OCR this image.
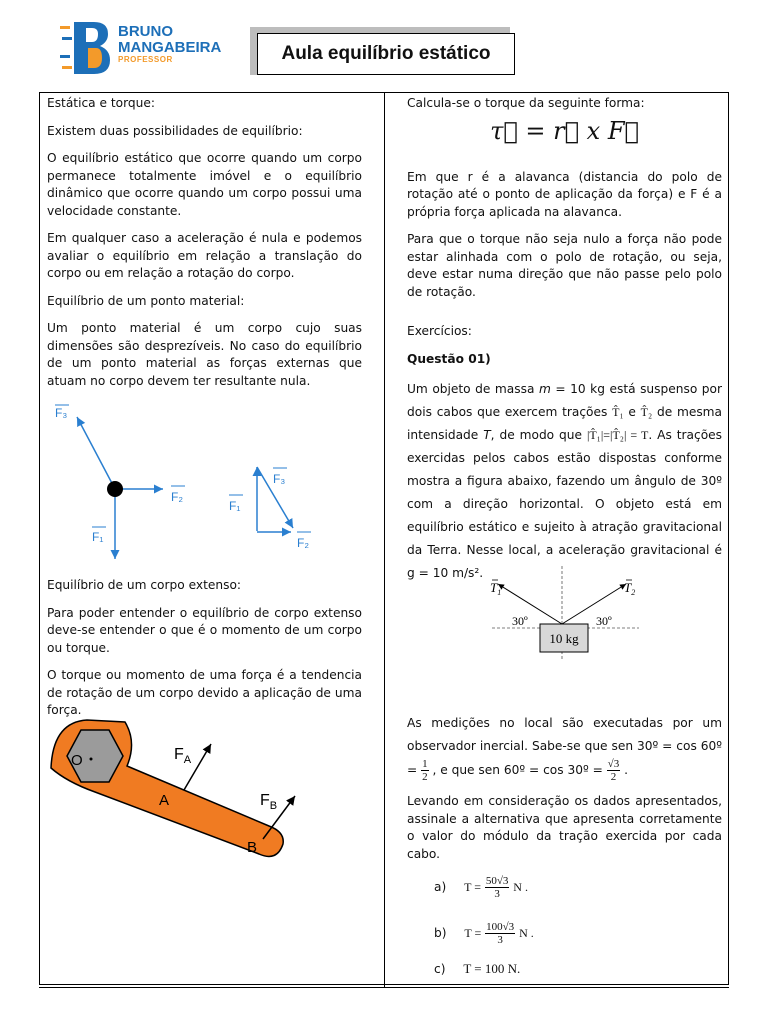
BRUNO
MANGABEIRA
PROFESSOR	Aula equilíbrio estático

Estática e torque:

Existem duas possibilidades de equilíbrio:

O equilíbrio estático que ocorre quando um corpo permanece totalmente imóvel e o equilíbrio dinâmico que ocorre quando um corpo possui uma velocidade constante.

Em qualquer caso a aceleração é nula e podemos avaliar o equilíbrio em relação a translação do corpo ou em relação a rotação do corpo.

Equilíbrio de um ponto material:

Um ponto material é um corpo cujo suas dimensões são desprezíveis. No caso do equilíbrio de um ponto material as forças externas que atuam no corpo devem ter resultante nula.

F₃
F₂
F₁
F₃
F₁
F₂

Equilíbrio de um corpo extenso:

Para poder entender o equilíbrio de corpo extenso deve-se entender o que é o momento de um corpo ou torque.

O torque ou momento de uma força é a tendencia de rotação de um corpo devido a aplicação de uma força.

O
A
B
$F_A$
$F_B$

Calcula-se o torque da seguinte forma:

τ⃗ = r⃗ x F⃗

Em que r é a alavanca (distancia do polo de rotação até o ponto de aplicação da força) e F é a própria força aplicada na alavanca.

Para que o torque não seja nulo a força não pode estar alinhada com o polo de rotação, ou seja, deve estar numa direção que não passe pelo polo de rotação.

Exercícios:

Questão 01)

Um objeto de massa m = 10 kg está suspenso por dois cabos que exercem trações T̂₁ e T̂₂ de mesma intensidade T, de modo que |T̂₁|=|T̂₂| = T. As trações exercidas pelos cabos estão dispostas conforme mostra a figura abaixo, fazendo um ângulo de 30º com a direção horizontal. O objeto está em equilíbrio estático e sujeito à atração gravitacional da Terra. Nesse local, a aceleração gravitacional é g = 10 m/s².

10 kg
30º	30º
$T_1$	$T_2$

As medições no local são executadas por um observador inercial. Sabe-se que sen 30º = cos 60º = $\frac{1}{2}$ , e que sen 60º = cos 30º = $\frac{√3}{2}$ .

Levando em consideração os dados apresentados, assinale a alternativa que apresenta corretamente o valor do módulo da tração exercida por cada cabo.

a) $T = \frac{50√3}{3}$ N .
b) $T = \frac{100√3}{3}$ N .
c) T = 100 N.
